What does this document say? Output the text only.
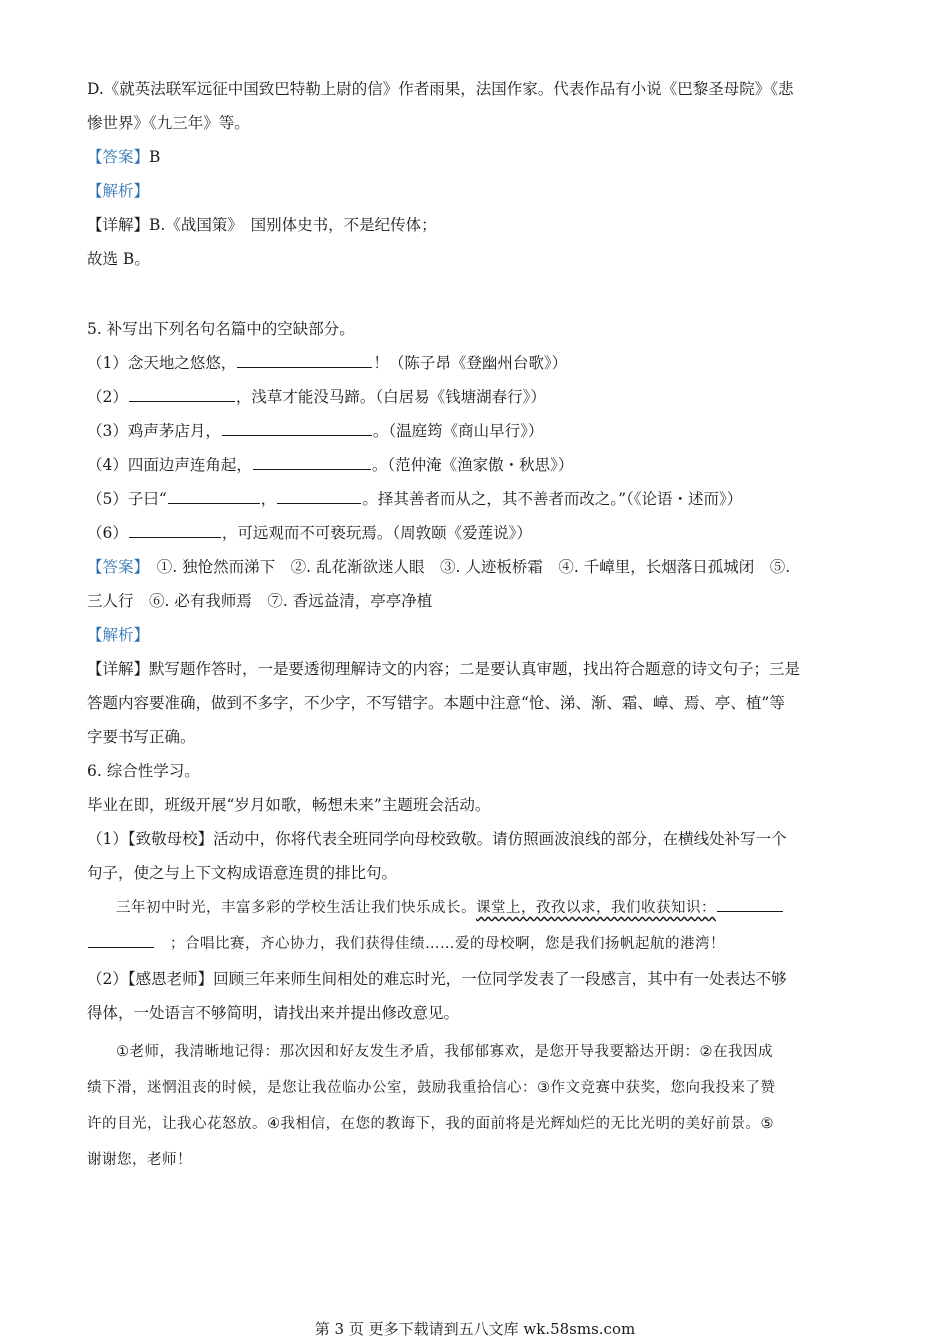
D.《就英法联军远征中国致巴特勒上尉的信》作者雨果，法国作家。代表作品有小说《巴黎圣母院》《悲

惨世界》《九三年》等。

【答案】B

【解析】

【详解】B.《战国策》　国别体史书，不是纪传体；

故选 B。

5. 补写出下列名句名篇中的空缺部分。

（1）念天地之悠悠，	！（陈子昂《登幽州台歌》）

（2）	，浅草才能没马蹄。（白居易《钱塘湖春行》）

（3）鸡声茅店月，	。（温庭筠《商山早行》）

（4）四面边声连角起，	。（范仲淹《渔家傲・秋思》）

（5）子曰“	，	。择其善者而从之，其不善者而改之。”（《论语・述而》）

（6）	，可远观而不可亵玩焉。（周敦颐《爱莲说》）

【答案】　 ①. 独怆然而涕下　②. 乱花渐欲迷人眼　③. 人迹板桥霜　④. 千嶂里，长烟落日孤城闭　⑤.

三人行　⑥. 必有我师焉　⑦. 香远益清，亭亭净植

【解析】

【详解】默写题作答时，一是要透彻理解诗文的内容；二是要认真审题，找出符合题意的诗文句子；三是

答题内容要准确，做到不多字，不少字，不写错字。本题中注意“怆、涕、渐、霜、嶂、焉、亭、植”等

字要书写正确。

6. 综合性学习。

毕业在即，班级开展“岁月如歌，畅想未来”主题班会活动。

（1）【致敬母校】活动中，你将代表全班同学向母校致敬。请仿照画波浪线的部分，在横线处补写一个

句子，使之与上下文构成语意连贯的排比句。

三年初中时光，丰富多彩的学校生活让我们快乐成长。课堂上，孜孜以求，我们收获知识：
　；合唱比赛，齐心协力，我们获得佳绩……爱的母校啊，您是我们扬帆起航的港湾！

（2）【感恩老师】回顾三年来师生间相处的难忘时光，一位同学发表了一段感言，其中有一处表达不够

得体，一处语言不够简明，请找出来并提出修改意见。

①老师，我清晰地记得：那次因和好友发生矛盾，我郁郁寡欢，是您开导我要豁达开朗：②在我因成

绩下滑，迷惘沮丧的时候，是您让我莅临办公室，鼓励我重拾信心：③作文竞赛中获奖，您向我投来了赞

许的目光，让我心花怒放。④我相信，在您的教诲下，我的面前将是光辉灿烂的无比光明的美好前景。⑤

谢谢您，老师！

第 3 页 更多下载请到五八文库 wk.58sms.com
